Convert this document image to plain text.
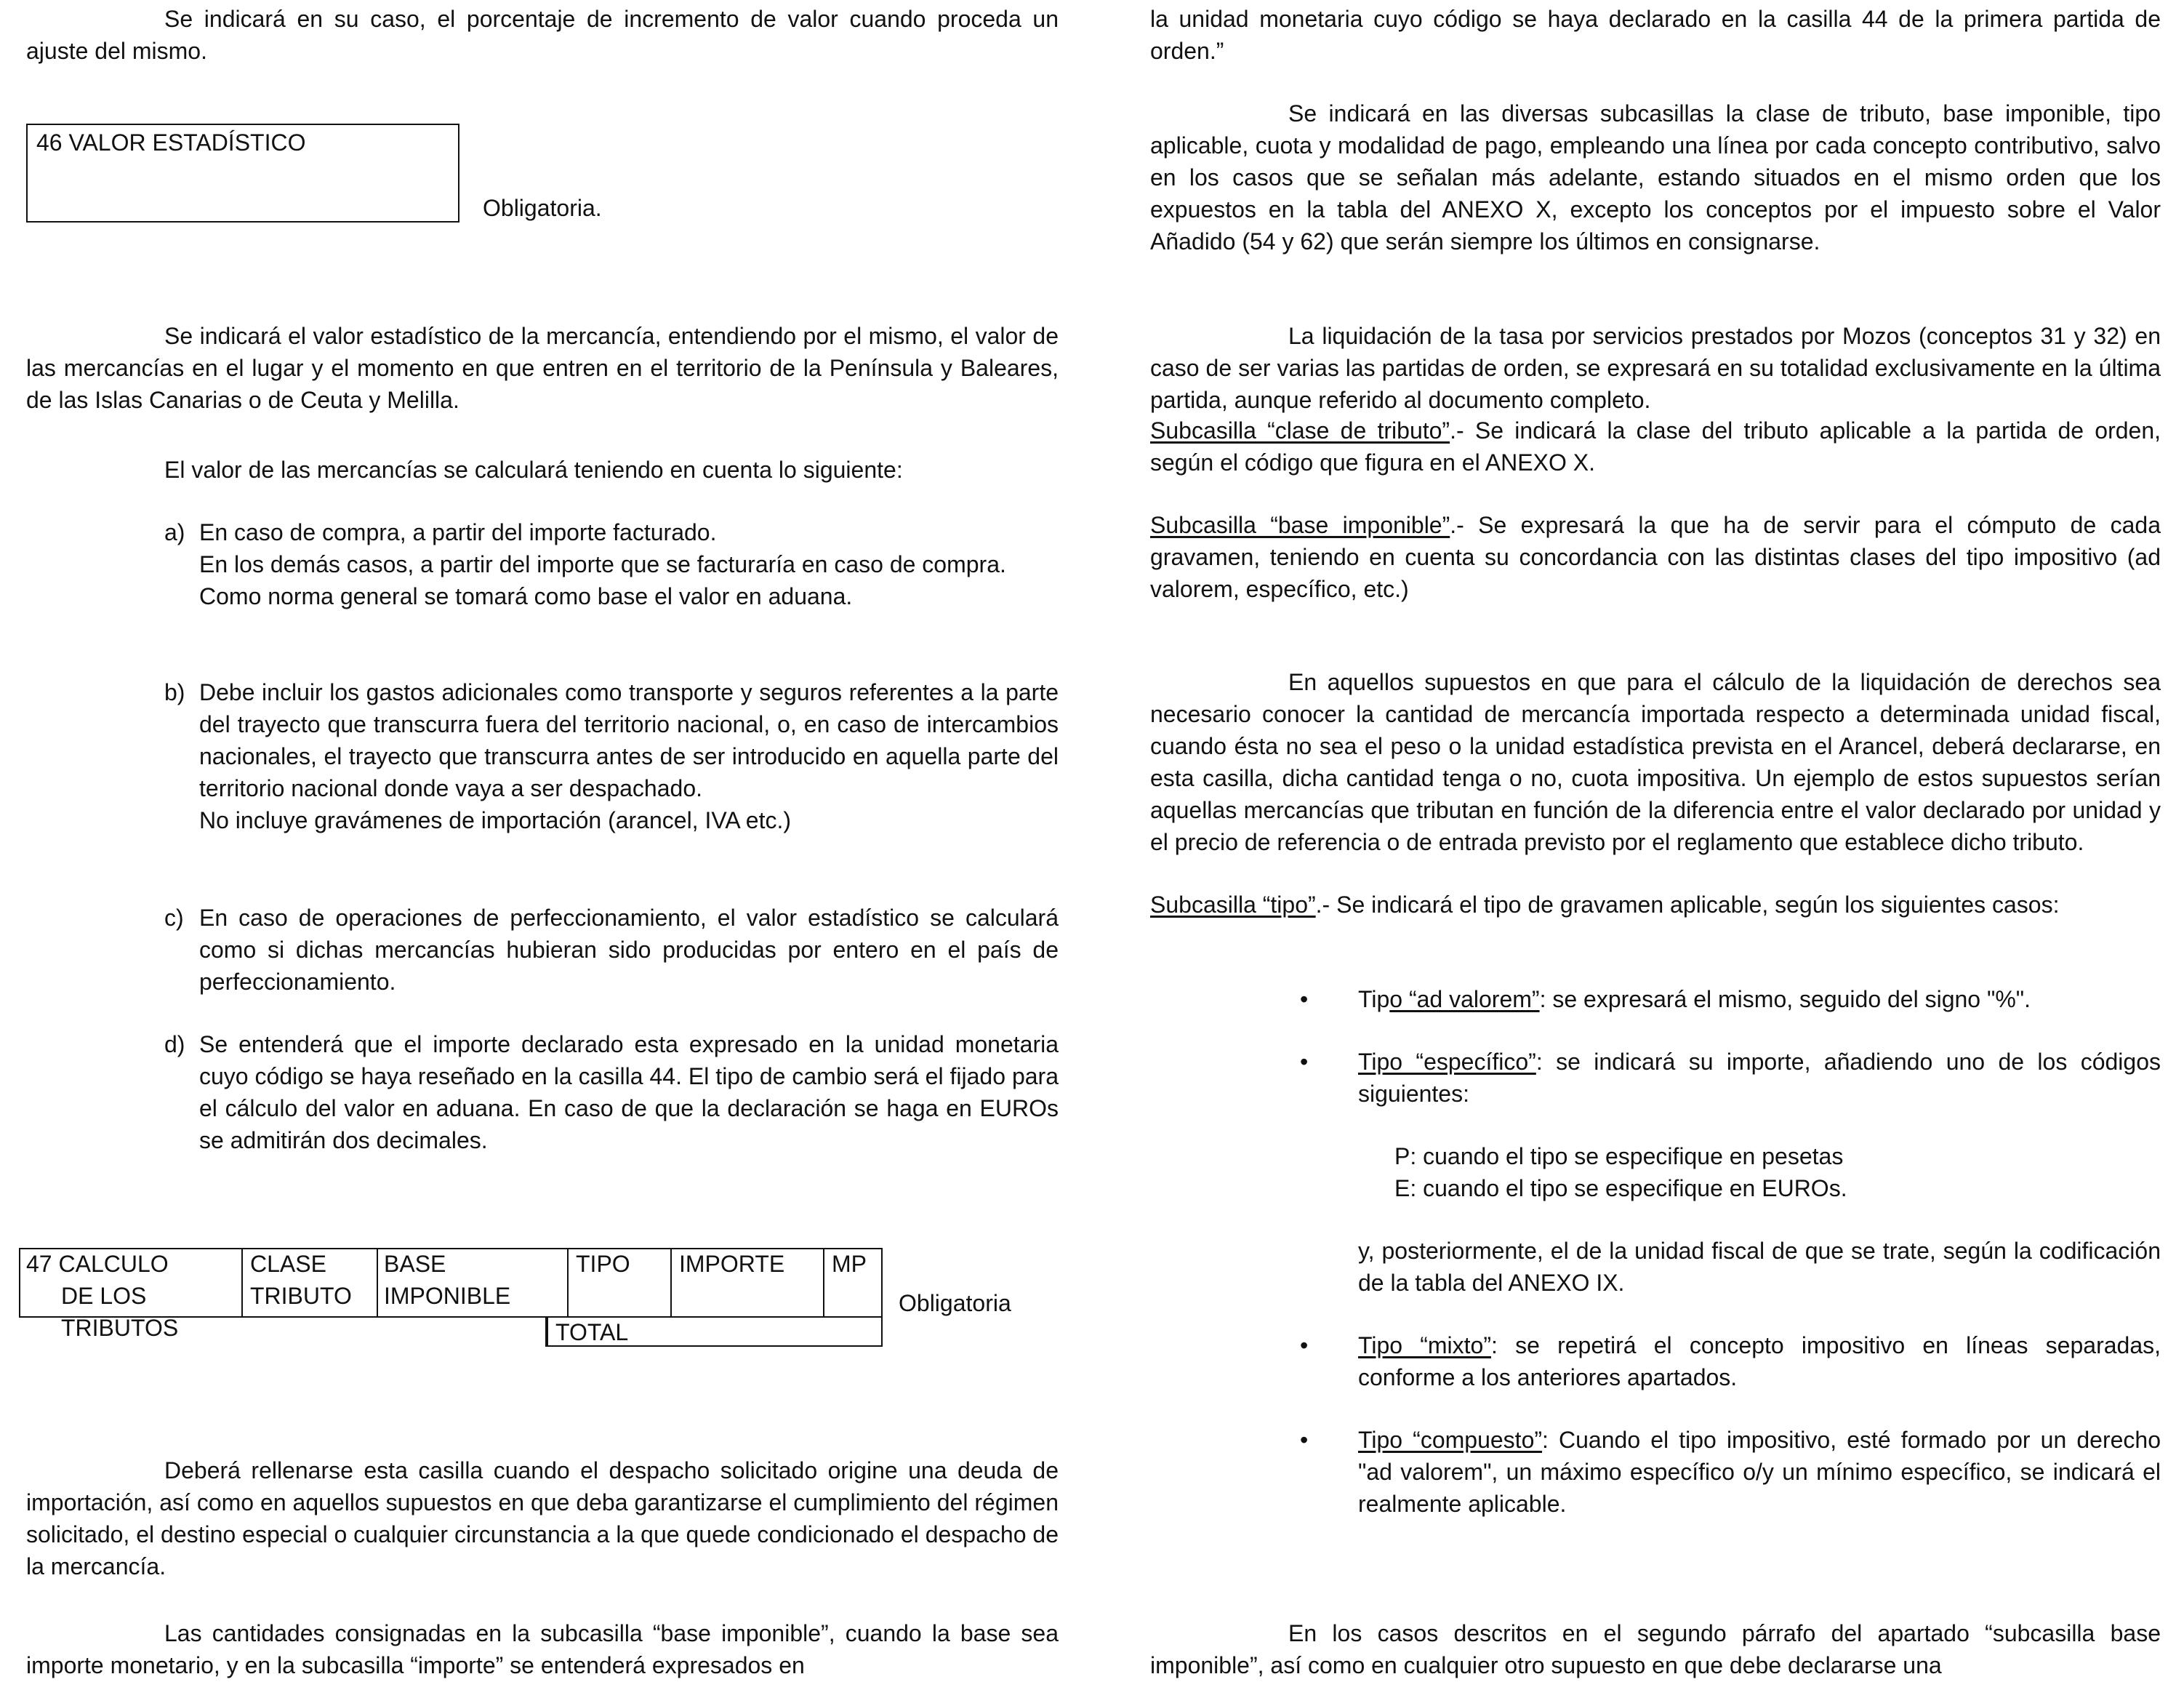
Se indicará en su caso, el porcentaje de incremento de valor cuando proceda un ajuste del mismo.

46 VALOR ESTADÍSTICO
Obligatoria.

Se indicará el valor estadístico de la mercancía, entendiendo por el mismo, el valor de las mercancías en el lugar y el momento en que entren en el territorio de la Península y Baleares, de las Islas Canarias o de Ceuta y Melilla.

El valor de las mercancías se calculará teniendo en cuenta lo siguiente:

a) En caso de compra, a partir del importe facturado.
En los demás casos, a partir del importe que se facturaría en caso de compra.
Como norma general se tomará como base el valor en aduana.
b) Debe incluir los gastos adicionales como transporte y seguros referentes a la parte del trayecto que transcurra fuera del territorio nacional, o, en caso de intercambios nacionales, el trayecto que transcurra antes de ser introducido en aquella parte del territorio nacional donde vaya a ser despachado.
No incluye gravámenes de importación (arancel, IVA etc.)
c) En caso de operaciones de perfeccionamiento, el valor estadístico se calculará como si dichas mercancías hubieran sido producidas por entero en el país de perfeccionamiento.
d) Se entenderá que el importe declarado esta expresado en la unidad monetaria cuyo código se haya reseñado en la casilla 44. El tipo de cambio será el fijado para el cálculo del valor en aduana. En caso de que la declaración se haga en EUROs se admitirán dos decimales.
TOTAL
47 CALCULO
DE LOS
TRIBUTOS
CLASE
TRIBUTO
BASE
IMPONIBLE
TIPO IMPORTE MP
Obligatoria

Deberá rellenarse esta casilla cuando el despacho solicitado origine una deuda de importación, así como en aquellos supuestos en que deba garantizarse el cumplimiento del régimen solicitado, el destino especial o cualquier circunstancia a la que quede condicionado el despacho de la mercancía.

Las cantidades consignadas en la subcasilla “base imponible”, cuando la base sea importe monetario, y en la subcasilla “importe” se entenderá expresados en

la unidad monetaria cuyo código se haya declarado en la casilla 44 de la primera partida de orden.”

Se indicará en las diversas subcasillas la clase de tributo, base imponible, tipo aplicable, cuota y modalidad de pago, empleando una línea por cada concepto contributivo, salvo en los casos que se señalan más adelante, estando situados en el mismo orden que los expuestos en la tabla del ANEXO X, excepto los conceptos por el impuesto sobre el Valor Añadido (54 y 62) que serán siempre los últimos en consignarse.

La liquidación de la tasa por servicios prestados por Mozos (conceptos 31 y 32) en caso de ser varias las partidas de orden, se expresará en su totalidad exclusivamente en la última partida, aunque referido al documento completo.

Subcasilla “clase de tributo”.- Se indicará la clase del tributo aplicable a la partida de orden, según el código que figura en el ANEXO X.

Subcasilla “base imponible”.- Se expresará la que ha de servir para el cómputo de cada gravamen, teniendo en cuenta su concordancia con las distintas clases del tipo impositivo (ad valorem, específico, etc.)

En aquellos supuestos en que para el cálculo de la liquidación de derechos sea necesario conocer la cantidad de mercancía importada respecto a determinada unidad fiscal, cuando ésta no sea el peso o la unidad estadística prevista en el Arancel, deberá declararse, en esta casilla, dicha cantidad tenga o no, cuota impositiva. Un ejemplo de estos supuestos serían aquellas mercancías que tributan en función de la diferencia entre el valor declarado por unidad y el precio de referencia o de entrada previsto por el reglamento que establece dicho tributo.

Subcasilla “tipo”.- Se indicará el tipo de gravamen aplicable, según los siguientes casos:

• Tipo “ad valorem”: se expresará el mismo, seguido del signo "%".

• Tipo “específico”: se indicará su importe, añadiendo uno de los códigos siguientes:

P: cuando el tipo se especifique en pesetas
E: cuando el tipo se especifique en EUROs.

y, posteriormente, el de la unidad fiscal de que se trate, según la codificación de la tabla del ANEXO IX.

• Tipo “mixto”: se repetirá el concepto impositivo en líneas separadas, conforme a los anteriores apartados.

• Tipo “compuesto”: Cuando el tipo impositivo, esté formado por un derecho "ad valorem", un máximo específico o/y un mínimo específico, se indicará el realmente aplicable.

En los casos descritos en el segundo párrafo del apartado “subcasilla base imponible”, así como en cualquier otro supuesto en que debe declararse una
